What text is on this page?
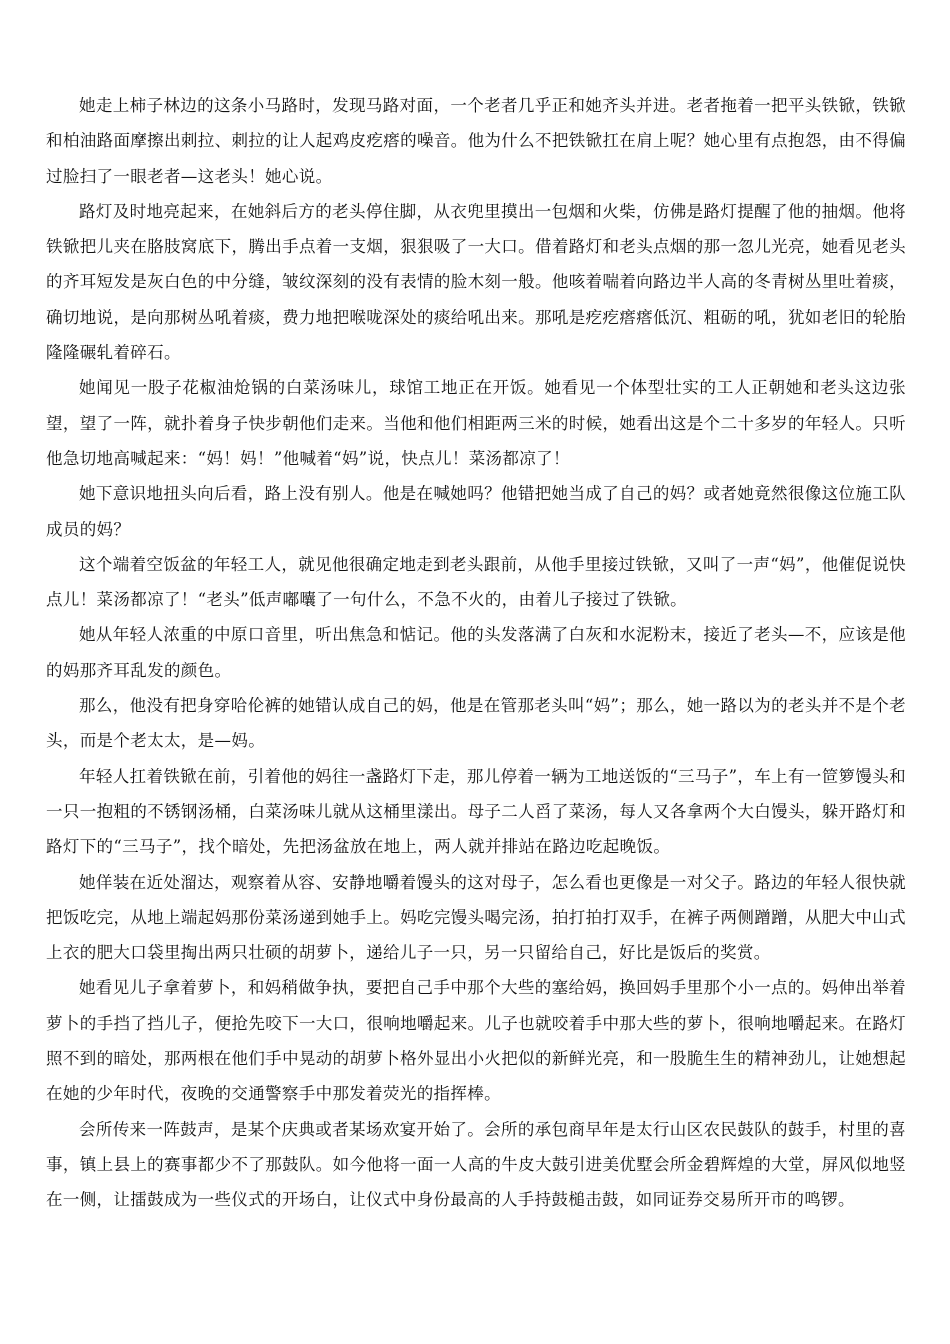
她走上柿子林边的这条小马路时，发现马路对面，一个老者几乎正和她齐头并进。老者拖着一把平头铁锨，铁锨和柏油路面摩擦出刺拉、刺拉的让人起鸡皮疙瘩的噪音。他为什么不把铁锨扛在肩上呢？她心里有点抱怨，由不得偏过脸扫了一眼老者—这老头！她心说。

路灯及时地亮起来，在她斜后方的老头停住脚，从衣兜里摸出一包烟和火柴，仿佛是路灯提醒了他的抽烟。他将铁锨把儿夹在胳肢窝底下，腾出手点着一支烟，狠狠吸了一大口。借着路灯和老头点烟的那一忽儿光亮，她看见老头的齐耳短发是灰白色的中分缝，皱纹深刻的没有表情的脸木刻一般。他咳着喘着向路边半人高的冬青树丛里吐着痰，确切地说，是向那树丛吼着痰，费力地把喉咙深处的痰给吼出来。那吼是疙疙瘩瘩低沉、粗砺的吼，犹如老旧的轮胎隆隆碾轧着碎石。

她闻见一股子花椒油炝锅的白菜汤味儿，球馆工地正在开饭。她看见一个体型壮实的工人正朝她和老头这边张望，望了一阵，就扑着身子快步朝他们走来。当他和他们相距两三米的时候，她看出这是个二十多岁的年轻人。只听他急切地高喊起来：“妈！妈！”他喊着“妈”说，快点儿！菜汤都凉了！

她下意识地扭头向后看，路上没有别人。他是在喊她吗？他错把她当成了自己的妈？或者她竟然很像这位施工队成员的妈？

这个端着空饭盆的年轻工人，就见他很确定地走到老头跟前，从他手里接过铁锨，又叫了一声“妈”，他催促说快点儿！菜汤都凉了！“老头”低声嘟囔了一句什么，不急不火的，由着儿子接过了铁锨。

她从年轻人浓重的中原口音里，听出焦急和惦记。他的头发落满了白灰和水泥粉末，接近了老头—不，应该是他的妈那齐耳乱发的颜色。

那么，他没有把身穿哈伦裤的她错认成自己的妈，他是在管那老头叫“妈”；那么，她一路以为的老头并不是个老头，而是个老太太，是—妈。

年轻人扛着铁锨在前，引着他的妈往一盏路灯下走，那儿停着一辆为工地送饭的“三马子”，车上有一笸箩馒头和一只一抱粗的不锈钢汤桶，白菜汤味儿就从这桶里漾出。母子二人舀了菜汤，每人又各拿两个大白馒头，躲开路灯和路灯下的“三马子”，找个暗处，先把汤盆放在地上，两人就并排站在路边吃起晚饭。

她佯装在近处溜达，观察着从容、安静地嚼着馒头的这对母子，怎么看也更像是一对父子。路边的年轻人很快就把饭吃完，从地上端起妈那份菜汤递到她手上。妈吃完馒头喝完汤，拍打拍打双手，在裤子两侧蹭蹭，从肥大中山式上衣的肥大口袋里掏出两只壮硕的胡萝卜，递给儿子一只，另一只留给自己，好比是饭后的奖赏。

她看见儿子拿着萝卜，和妈稍做争执，要把自己手中那个大些的塞给妈，换回妈手里那个小一点的。妈伸出举着萝卜的手挡了挡儿子，便抢先咬下一大口，很响地嚼起来。儿子也就咬着手中那大些的萝卜，很响地嚼起来。在路灯照不到的暗处，那两根在他们手中晃动的胡萝卜格外显出小火把似的新鲜光亮，和一股脆生生的精神劲儿，让她想起在她的少年时代，夜晚的交通警察手中那发着荧光的指挥棒。

会所传来一阵鼓声，是某个庆典或者某场欢宴开始了。会所的承包商早年是太行山区农民鼓队的鼓手，村里的喜事，镇上县上的赛事都少不了那鼓队。如今他将一面一人高的牛皮大鼓引进美优墅会所金碧辉煌的大堂，屏风似地竖在一侧，让擂鼓成为一些仪式的开场白，让仪式中身份最高的人手持鼓槌击鼓，如同证券交易所开市的鸣锣。
